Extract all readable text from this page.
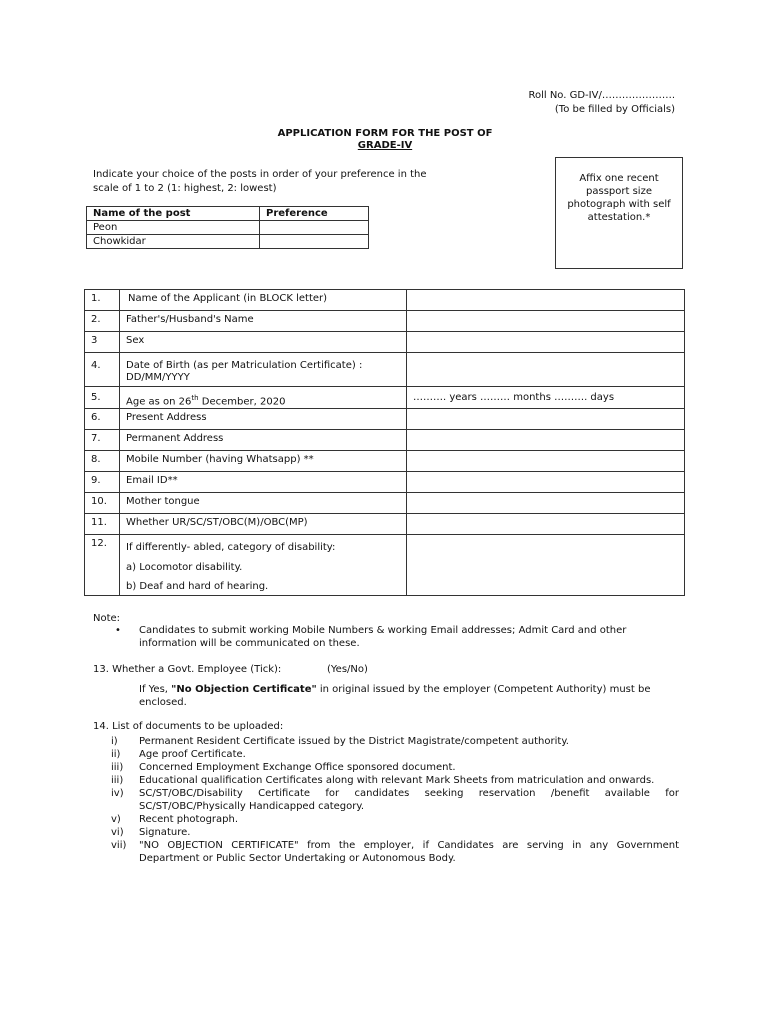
Roll No. GD-IV/………………….
(To be filled by Officials)
APPLICATION FORM FOR THE POST OF
GRADE-IV
Indicate your choice of the posts in order of your preference in the scale of 1 to 2 (1: highest, 2: lowest)
Affix one recent passport size photograph with self attestation.*
Name of the post	Preference
Peon	
Chowkidar	
1.	Name of the Applicant (in BLOCK letter)	
2.	Father's/Husband's Name	
3	Sex	
4.	Date of Birth (as per Matriculation Certificate) : DD/MM/YYYY	
5.	Age as on 26th December, 2020	………. years ……… months ………. days
6.	Present Address	
7.	Permanent Address	
8.	Mobile Number (having Whatsapp) **	
9.	Email ID**	
10.	Mother tongue	
11.	Whether UR/SC/ST/OBC(M)/OBC(MP)	
12.	If differently- abled, category of disability:
a) Locomotor disability.
b) Deaf and hard of hearing.	

Note:
• Candidates to submit working Mobile Numbers & working Email addresses; Admit Card and other information will be communicated on these.
13. Whether a Govt. Employee (Tick):	(Yes/No)
If Yes, "No Objection Certificate" in original issued by the employer (Competent Authority) must be enclosed.
14. List of documents to be uploaded:
i)	Permanent Resident Certificate issued by the District Magistrate/competent authority.
ii)	Age proof Certificate.
iii)	Concerned Employment Exchange Office sponsored document.
iii)	Educational qualification Certificates along with relevant Mark Sheets from matriculation and onwards.
iv)	SC/ST/OBC/Disability Certificate for candidates seeking reservation /benefit available for SC/ST/OBC/Physically Handicapped category.
v)	Recent photograph.
vi)	Signature.
vii)	"NO OBJECTION CERTIFICATE" from the employer, if Candidates are serving in any Government Department or Public Sector Undertaking or Autonomous Body.
